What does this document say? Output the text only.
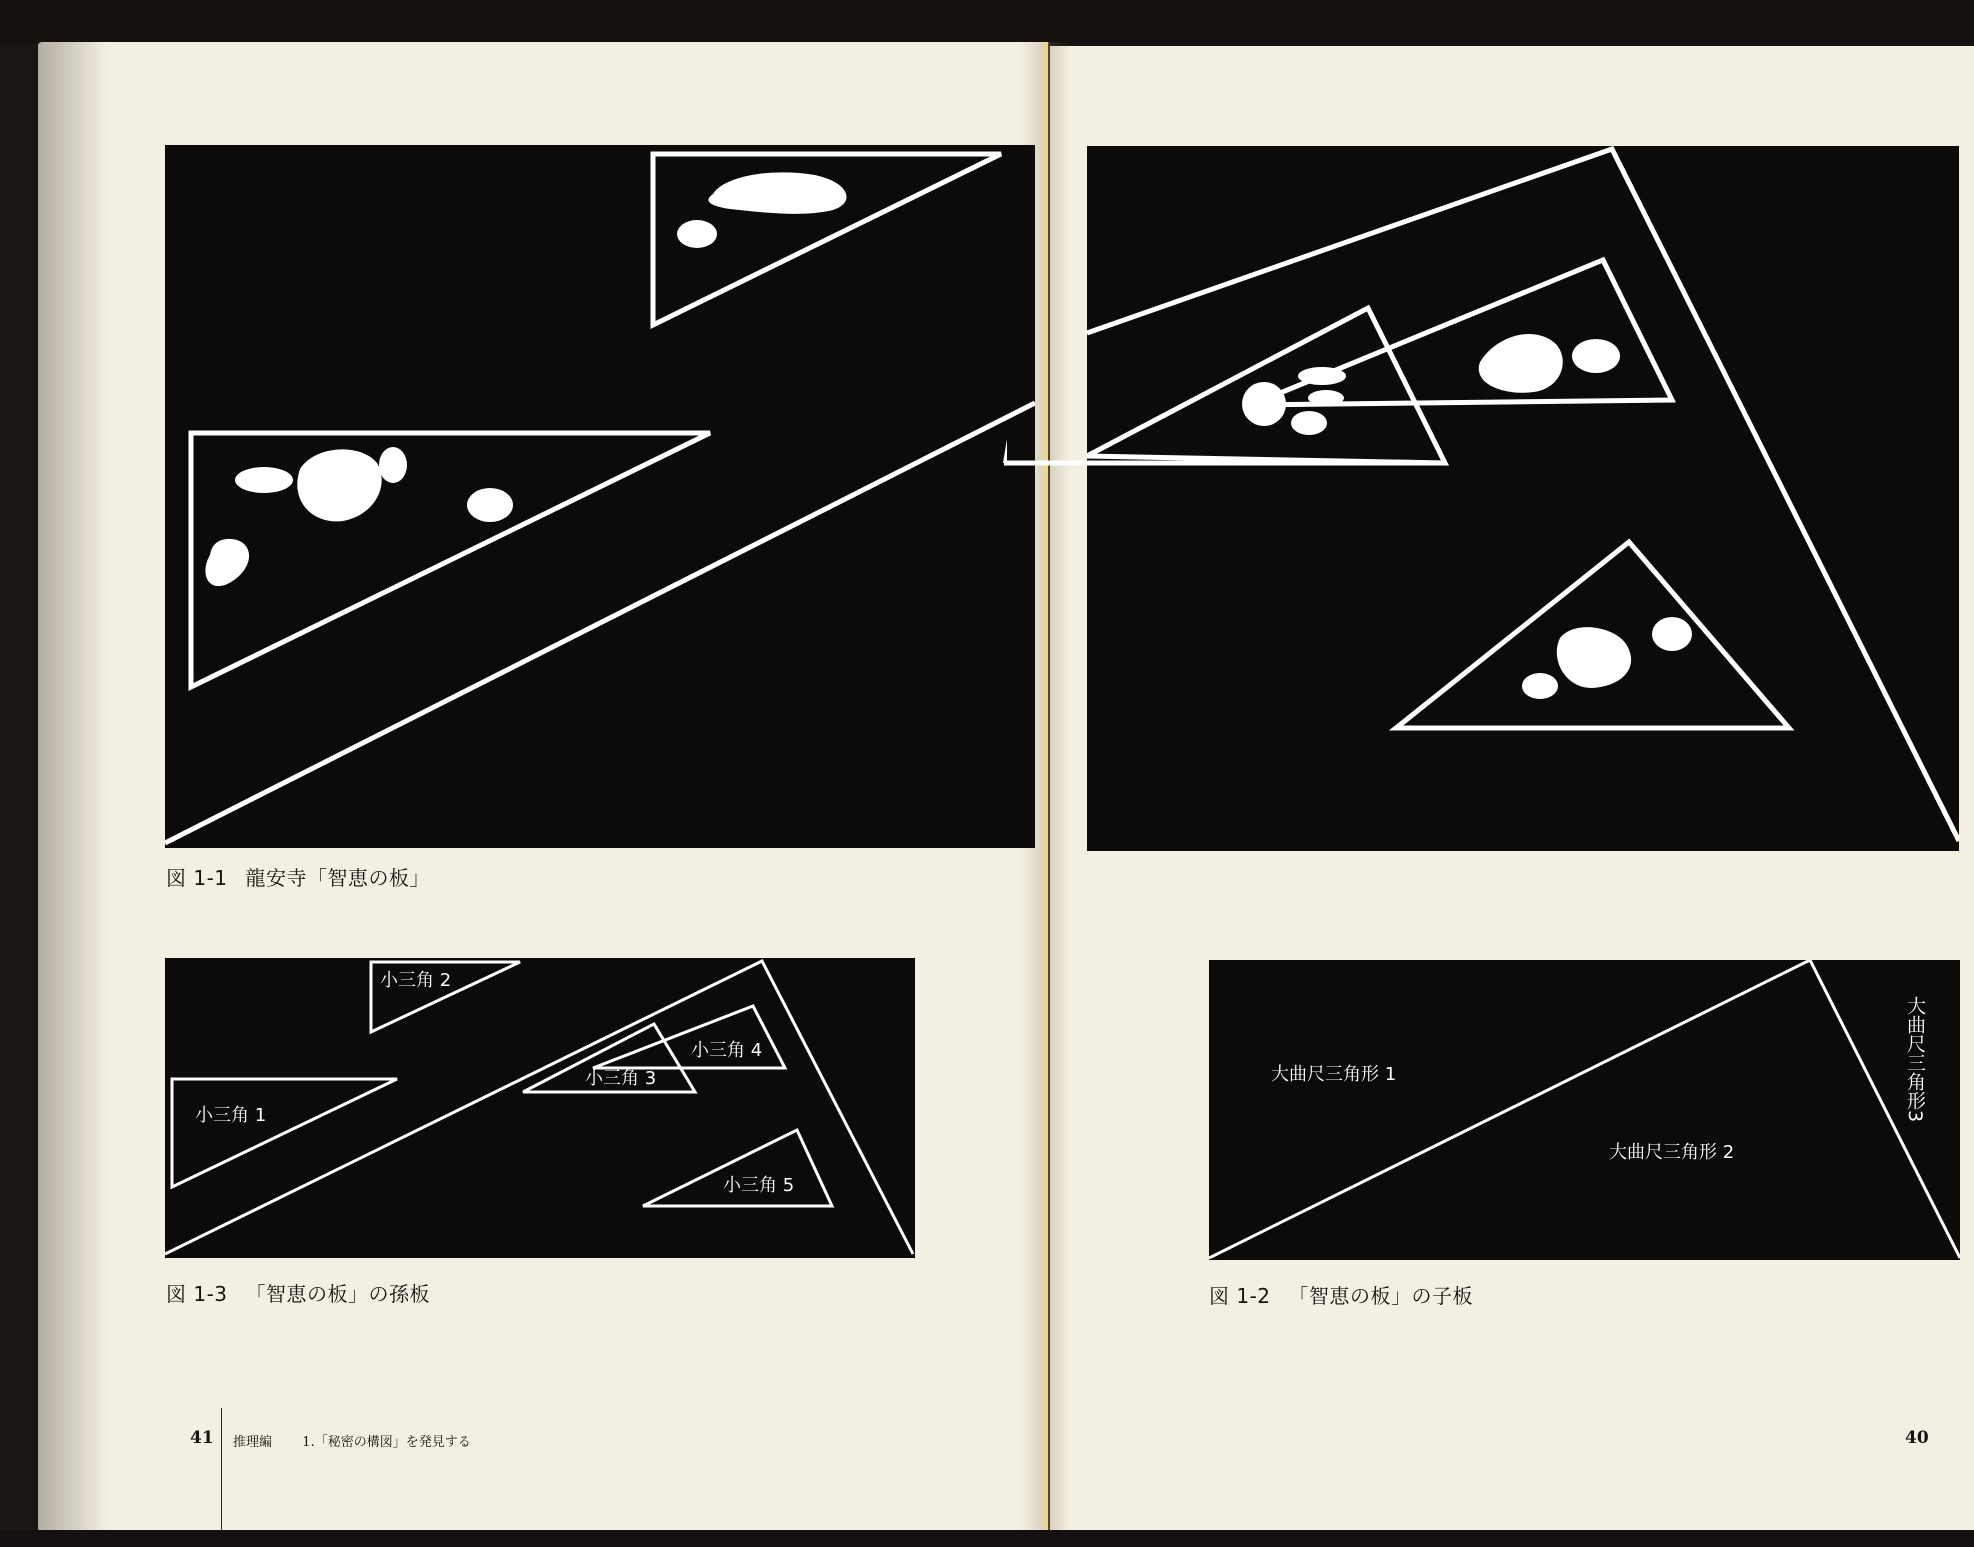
図 1-1 龍安寺「智恵の板」
小三角 2
小三角 1
小三角 3
小三角 4
小三角 5
図 1-3 「智恵の板」の孫板
大曲尺三角形 1
大曲尺三角形 2
大曲尺三角形3
図 1-2 「智恵の板」の子板
41 推理編 1.「秘密の構図」を発見する	40
